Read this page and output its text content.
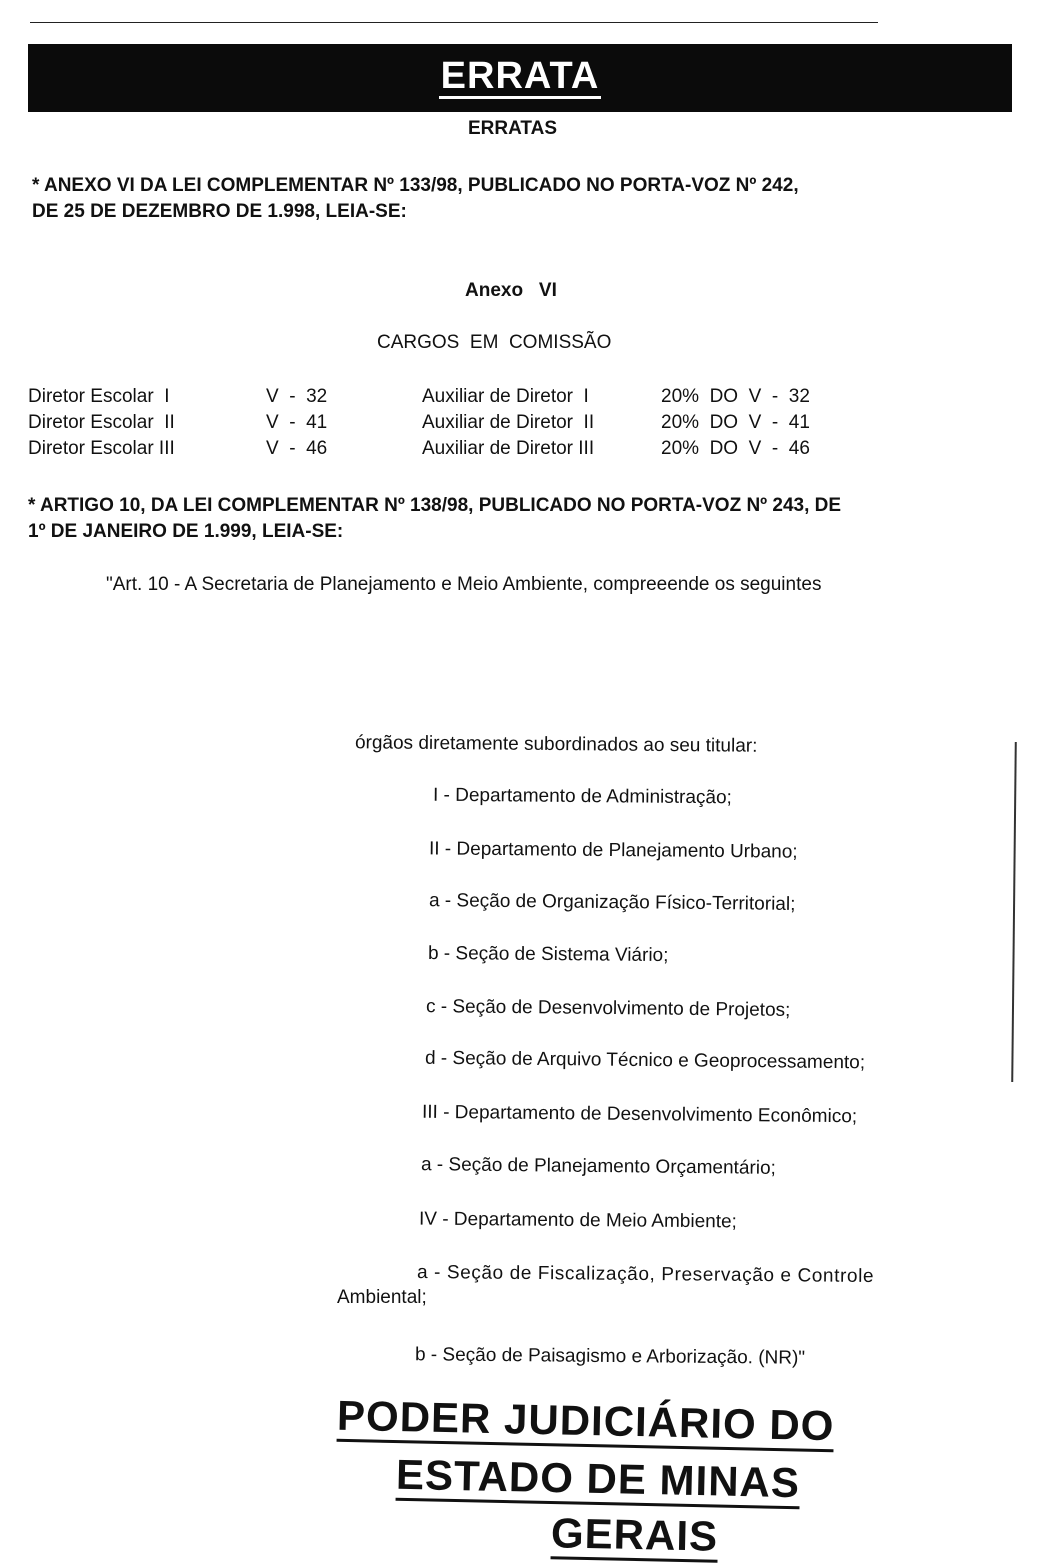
ERRATA
ERRATAS
* ANEXO VI DA LEI COMPLEMENTAR Nº 133/98, PUBLICADO NO PORTA-VOZ Nº 242,
DE 25 DE DEZEMBRO DE 1.998, LEIA-SE:
Anexo   VI
CARGOS  EM  COMISSÃO
Diretor Escolar  I	V  -  32	Auxiliar de Diretor  I	20%  DO  V  -  32
Diretor Escolar  II	V  -  41	Auxiliar de Diretor  II	20%  DO  V  -  41
Diretor Escolar III	V  -  46	Auxiliar de Diretor III	20%  DO  V  -  46
* ARTIGO 10, DA LEI COMPLEMENTAR Nº 138/98, PUBLICADO NO PORTA-VOZ Nº 243, DE
1º DE JANEIRO DE 1.999, LEIA-SE:
"Art. 10 - A Secretaria de Planejamento e Meio Ambiente, compreeende os seguintes
órgãos diretamente subordinados ao seu titular:
I - Departamento de Administração;
II - Departamento de Planejamento Urbano;
a - Seção de Organização Físico-Territorial;
b - Seção de Sistema Viário;
c - Seção de Desenvolvimento de Projetos;
d - Seção de Arquivo Técnico e Geoprocessamento;
III - Departamento de Desenvolvimento Econômico;
a - Seção de Planejamento Orçamentário;
IV - Departamento de Meio Ambiente;
a - Seção de Fiscalização, Preservação e Controle
Ambiental;
b - Seção de Paisagismo e Arborização. (NR)"
PODER JUDICIÁRIO DO
ESTADO DE MINAS
GERAIS
